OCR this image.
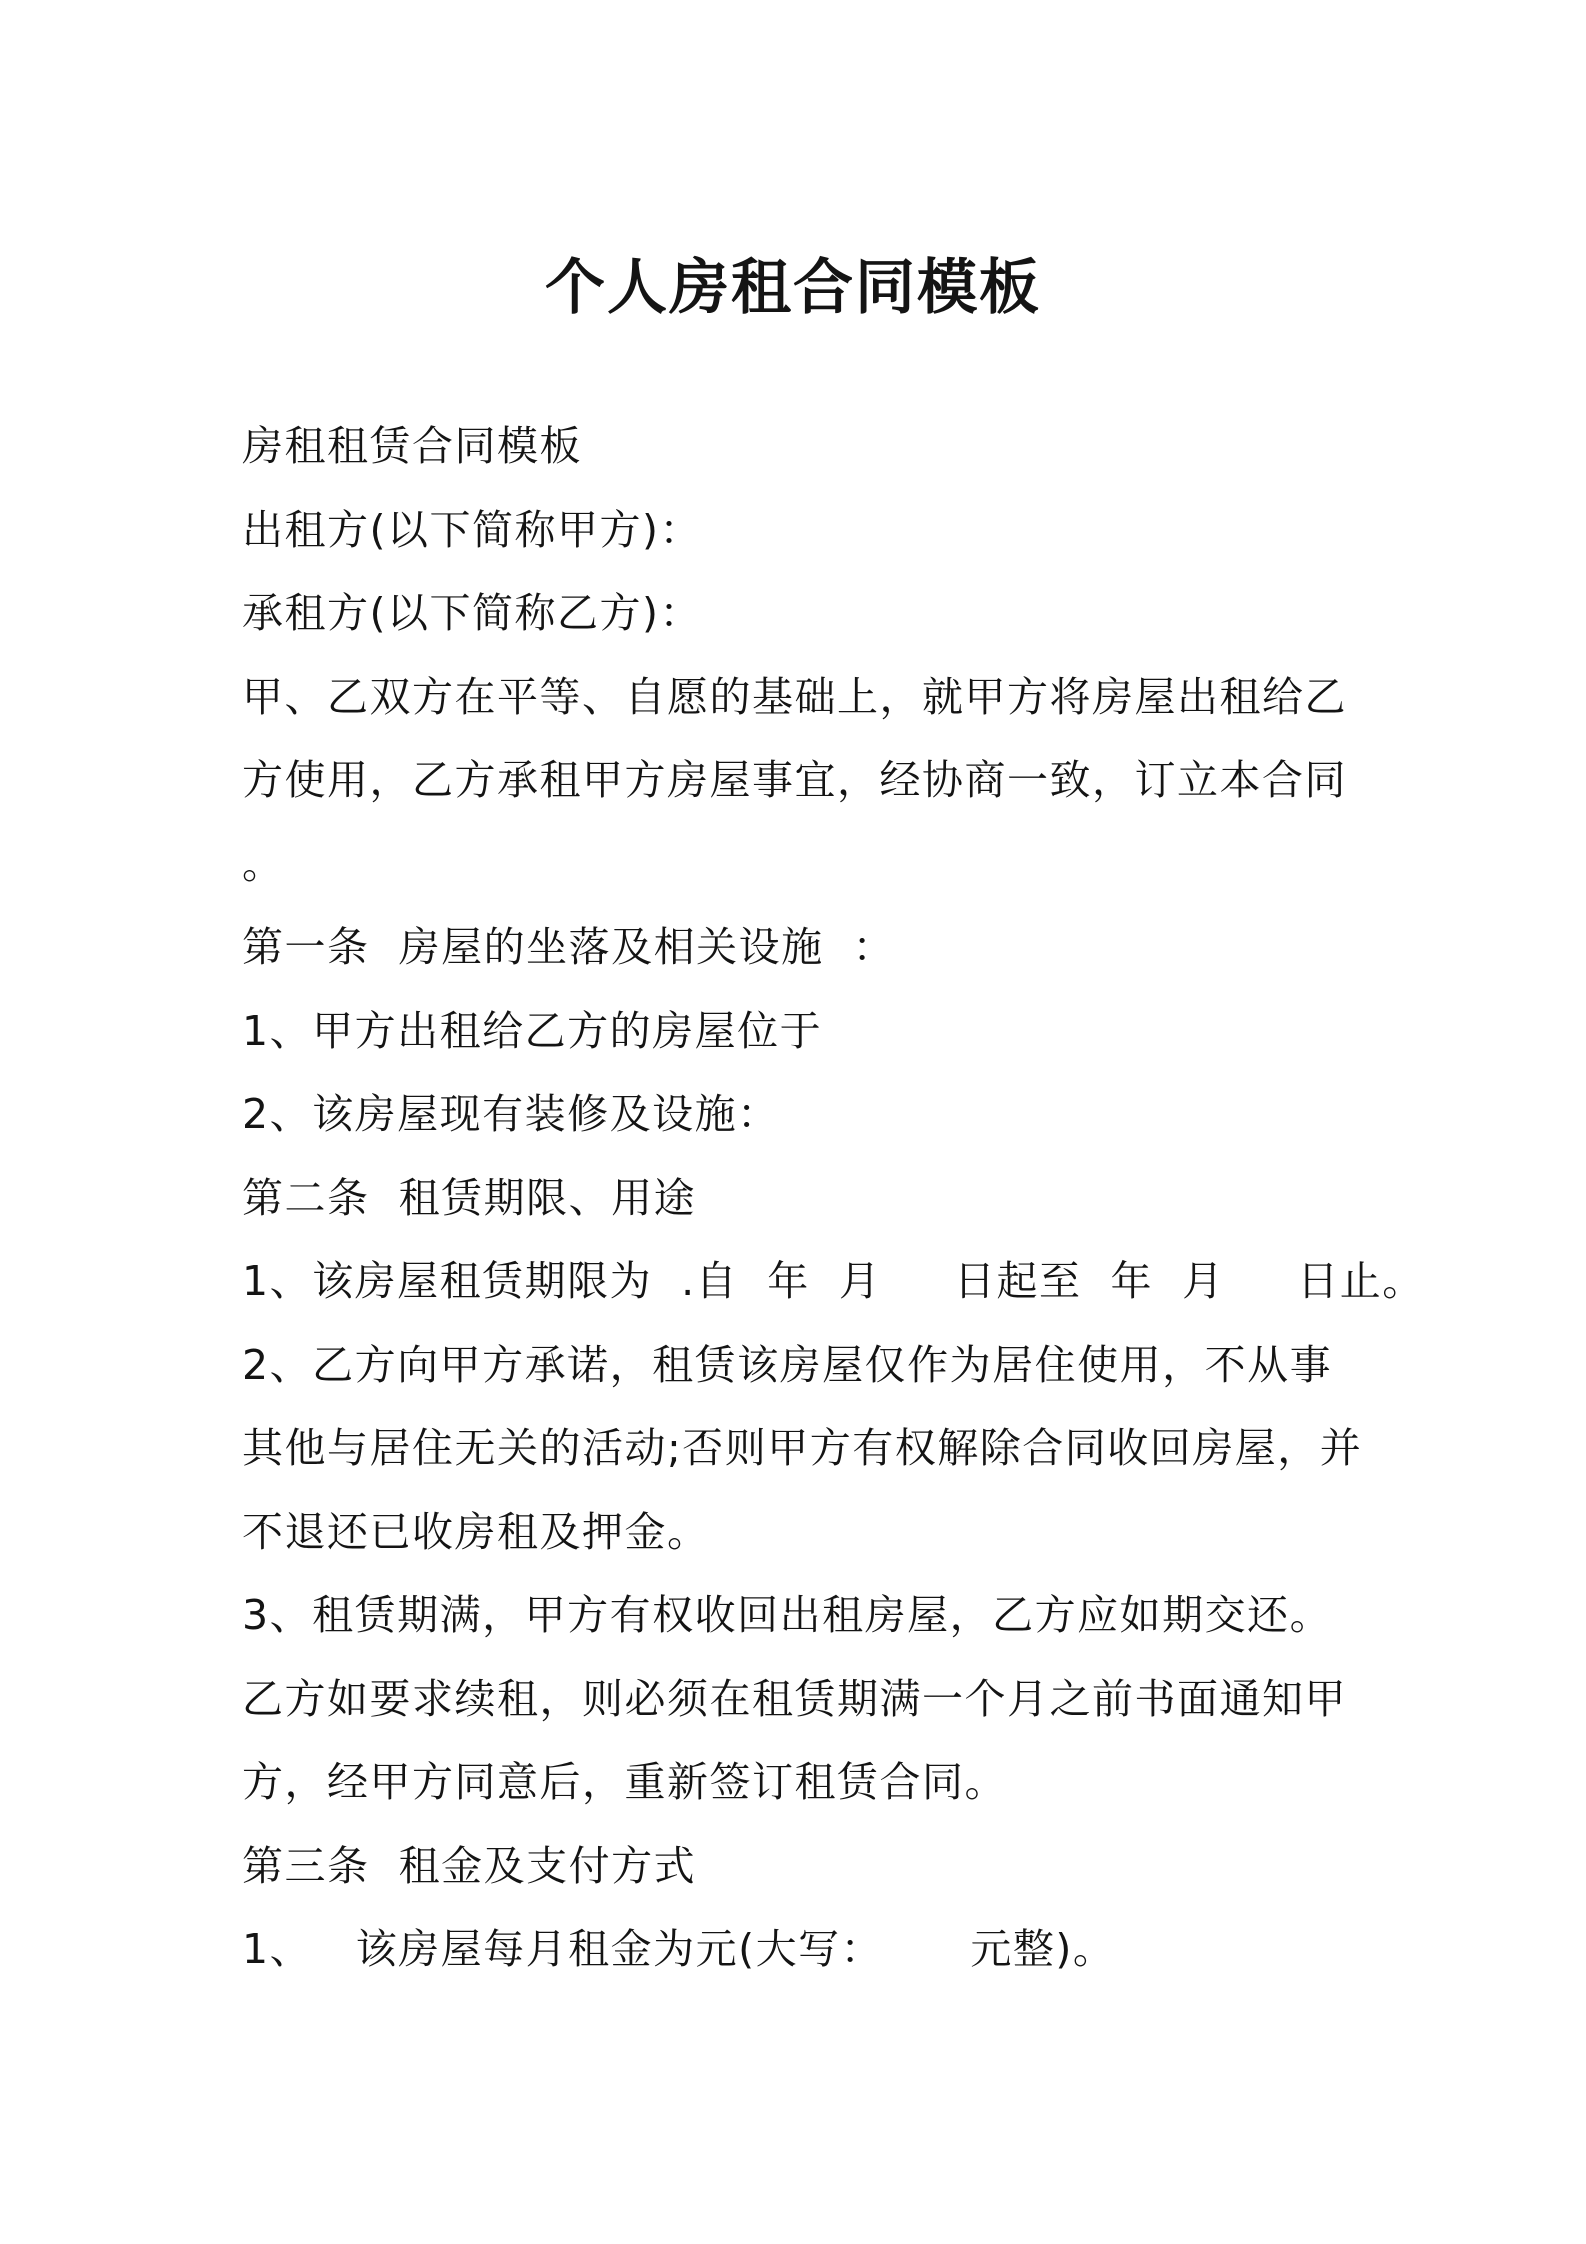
个人房租合同模板
房租租赁合同模板
出租方(以下简称甲方)：
承租方(以下简称乙方)：
甲、乙双方在平等、自愿的基础上，就甲方将房屋出租给乙
方使用，乙方承租甲方房屋事宜，经协商一致，订立本合同
。
第一条  房屋的坐落及相关设施  ：
1、甲方出租给乙方的房屋位于
2、该房屋现有装修及设施：
第二条  租赁期限、用途
1、该房屋租赁期限为  .自  年  月     日起至  年  月     日止。
2、乙方向甲方承诺，租赁该房屋仅作为居住使用，不从事
其他与居住无关的活动;否则甲方有权解除合同收回房屋，并
不退还已收房租及押金。
3、租赁期满，甲方有权收回出租房屋，乙方应如期交还。
乙方如要求续租，则必须在租赁期满一个月之前书面通知甲
方，经甲方同意后，重新签订租赁合同。
第三条  租金及支付方式
1、   该房屋每月租金为元(大写：      元整)。
